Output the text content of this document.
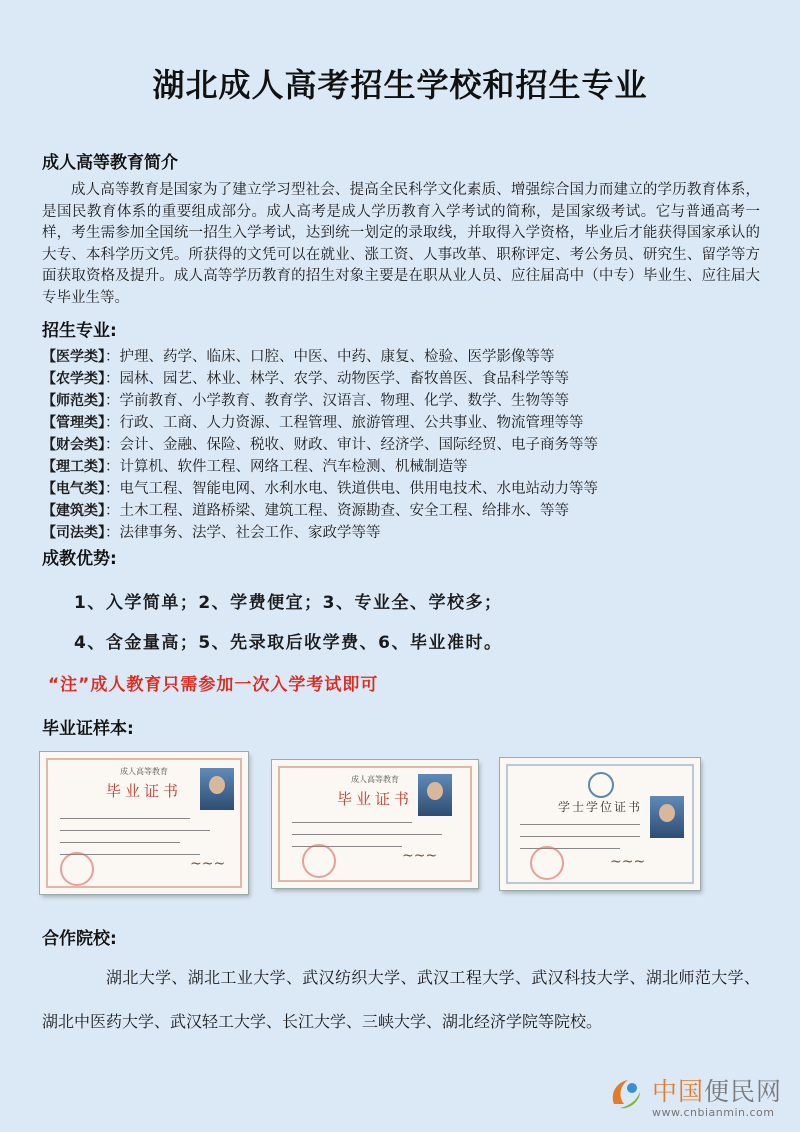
湖北成人高考招生学校和招生专业
成人高等教育简介

成人高等教育是国家为了建立学习型社会、提高全民科学文化素质、增强综合国力而建立的学历教育体系，是国民教育体系的重要组成部分。成人高考是成人学历教育入学考试的简称，是国家级考试。它与普通高考一样，考生需参加全国统一招生入学考试，达到统一划定的录取线，并取得入学资格，毕业后才能获得国家承认的大专、本科学历文凭。所获得的文凭可以在就业、涨工资、人事改革、职称评定、考公务员、研究生、留学等方面获取资格及提升。成人高等学历教育的招生对象主要是在职从业人员、应往届高中（中专）毕业生、应往届大专毕业生等。

招生专业:
【医学类】：护理、药学、临床、口腔、中医、中药、康复、检验、医学影像等等
【农学类】：园林、园艺、林业、林学、农学、动物医学、畜牧兽医、食品科学等等
【师范类】：学前教育、小学教育、教育学、汉语言、物理、化学、数学、生物等等
【管理类】：行政、工商、人力资源、工程管理、旅游管理、公共事业、物流管理等等
【财会类】：会计、金融、保险、税收、财政、审计、经济学、国际经贸、电子商务等等
【理工类】：计算机、软件工程、网络工程、汽车检测、机械制造等
【电气类】：电气工程、智能电网、水利水电、铁道供电、供用电技术、水电站动力等等
【建筑类】：土木工程、道路桥梁、建筑工程、资源勘查、安全工程、给排水、等等
【司法类】：法律事务、法学、社会工作、家政学等等
成教优势:
1、入学简单；2、学费便宜；3、专业全、学校多；
4、含金量高；5、先录取后收学费、6、毕业准时。
“注”成人教育只需参加一次入学考试即可
毕业证样本:
成人高等教育
毕业证书
~~~
成人高等教育
毕业证书
~~~
学士学位证书
~~~
合作院校:

湖北大学、湖北工业大学、武汉纺织大学、武汉工程大学、武汉科技大学、湖北师范大学、湖北中医药大学、武汉轻工大学、长江大学、三峡大学、湖北经济学院等院校。

中国便民网
www.cnbianmin.com
